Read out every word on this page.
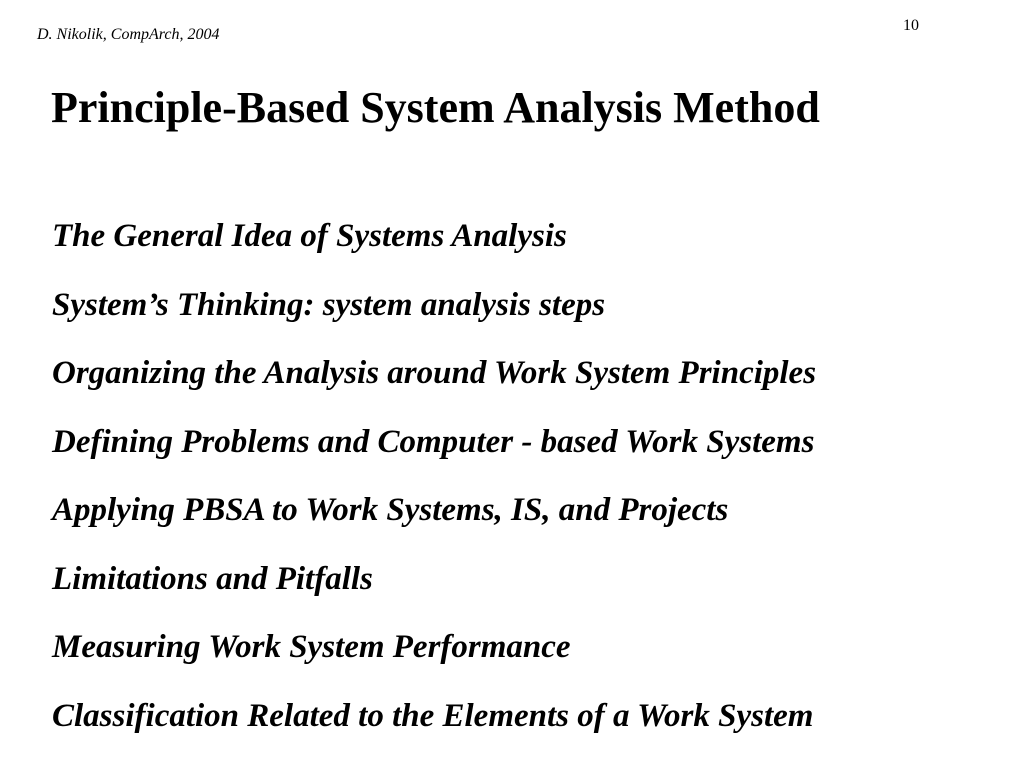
D. Nikolik, CompArch, 2004
10
Principle-Based System Analysis Method
The General Idea of Systems Analysis
System’s Thinking: system analysis steps
Organizing the Analysis around Work System Principles
Defining Problems and Computer - based Work Systems
Applying PBSA to Work Systems, IS, and Projects
Limitations and Pitfalls
Measuring Work System Performance
Classification Related to the Elements of a Work System
